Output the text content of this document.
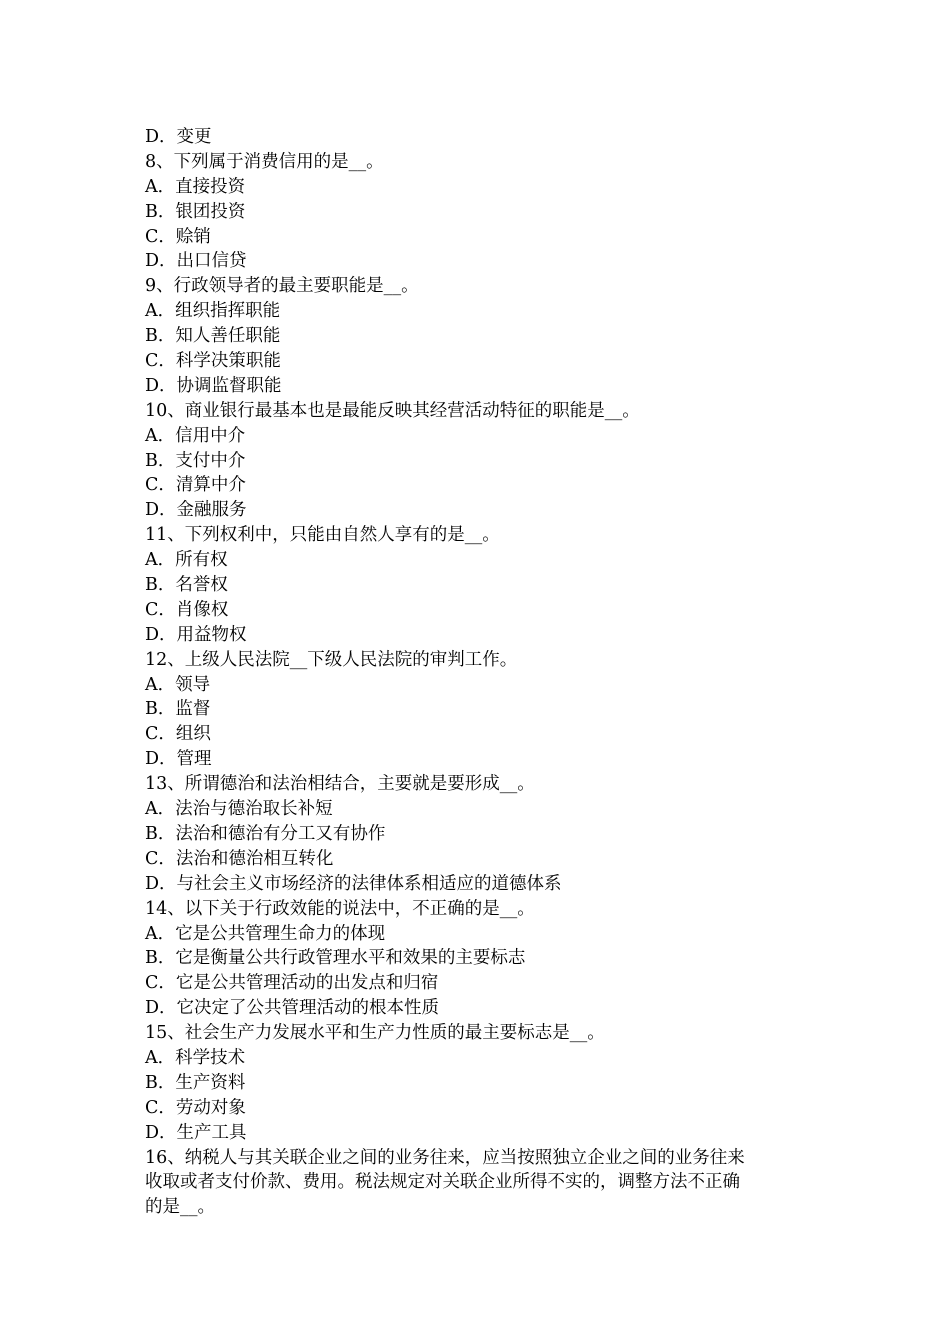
D．变更
8、下列属于消费信用的是__。
A．直接投资
B．银团投资
C．赊销
D．出口信贷
9、行政领导者的最主要职能是__。
A．组织指挥职能
B．知人善任职能
C．科学决策职能
D．协调监督职能
10、商业银行最基本也是最能反映其经营活动特征的职能是__。
A．信用中介
B．支付中介
C．清算中介
D．金融服务
11、下列权利中，只能由自然人享有的是__。
A．所有权
B．名誉权
C．肖像权
D．用益物权
12、上级人民法院__下级人民法院的审判工作。
A．领导
B．监督
C．组织
D．管理
13、所谓德治和法治相结合，主要就是要形成__。
A．法治与德治取长补短
B．法治和德治有分工又有协作
C．法治和德治相互转化
D．与社会主义市场经济的法律体系相适应的道德体系
14、以下关于行政效能的说法中，不正确的是__。
A．它是公共管理生命力的体现
B．它是衡量公共行政管理水平和效果的主要标志
C．它是公共管理活动的出发点和归宿
D．它决定了公共管理活动的根本性质
15、社会生产力发展水平和生产力性质的最主要标志是__。
A．科学技术
B．生产资料
C．劳动对象
D．生产工具
16、纳税人与其关联企业之间的业务往来，应当按照独立企业之间的业务往来
收取或者支付价款、费用。税法规定对关联企业所得不实的，调整方法不正确
的是__。
